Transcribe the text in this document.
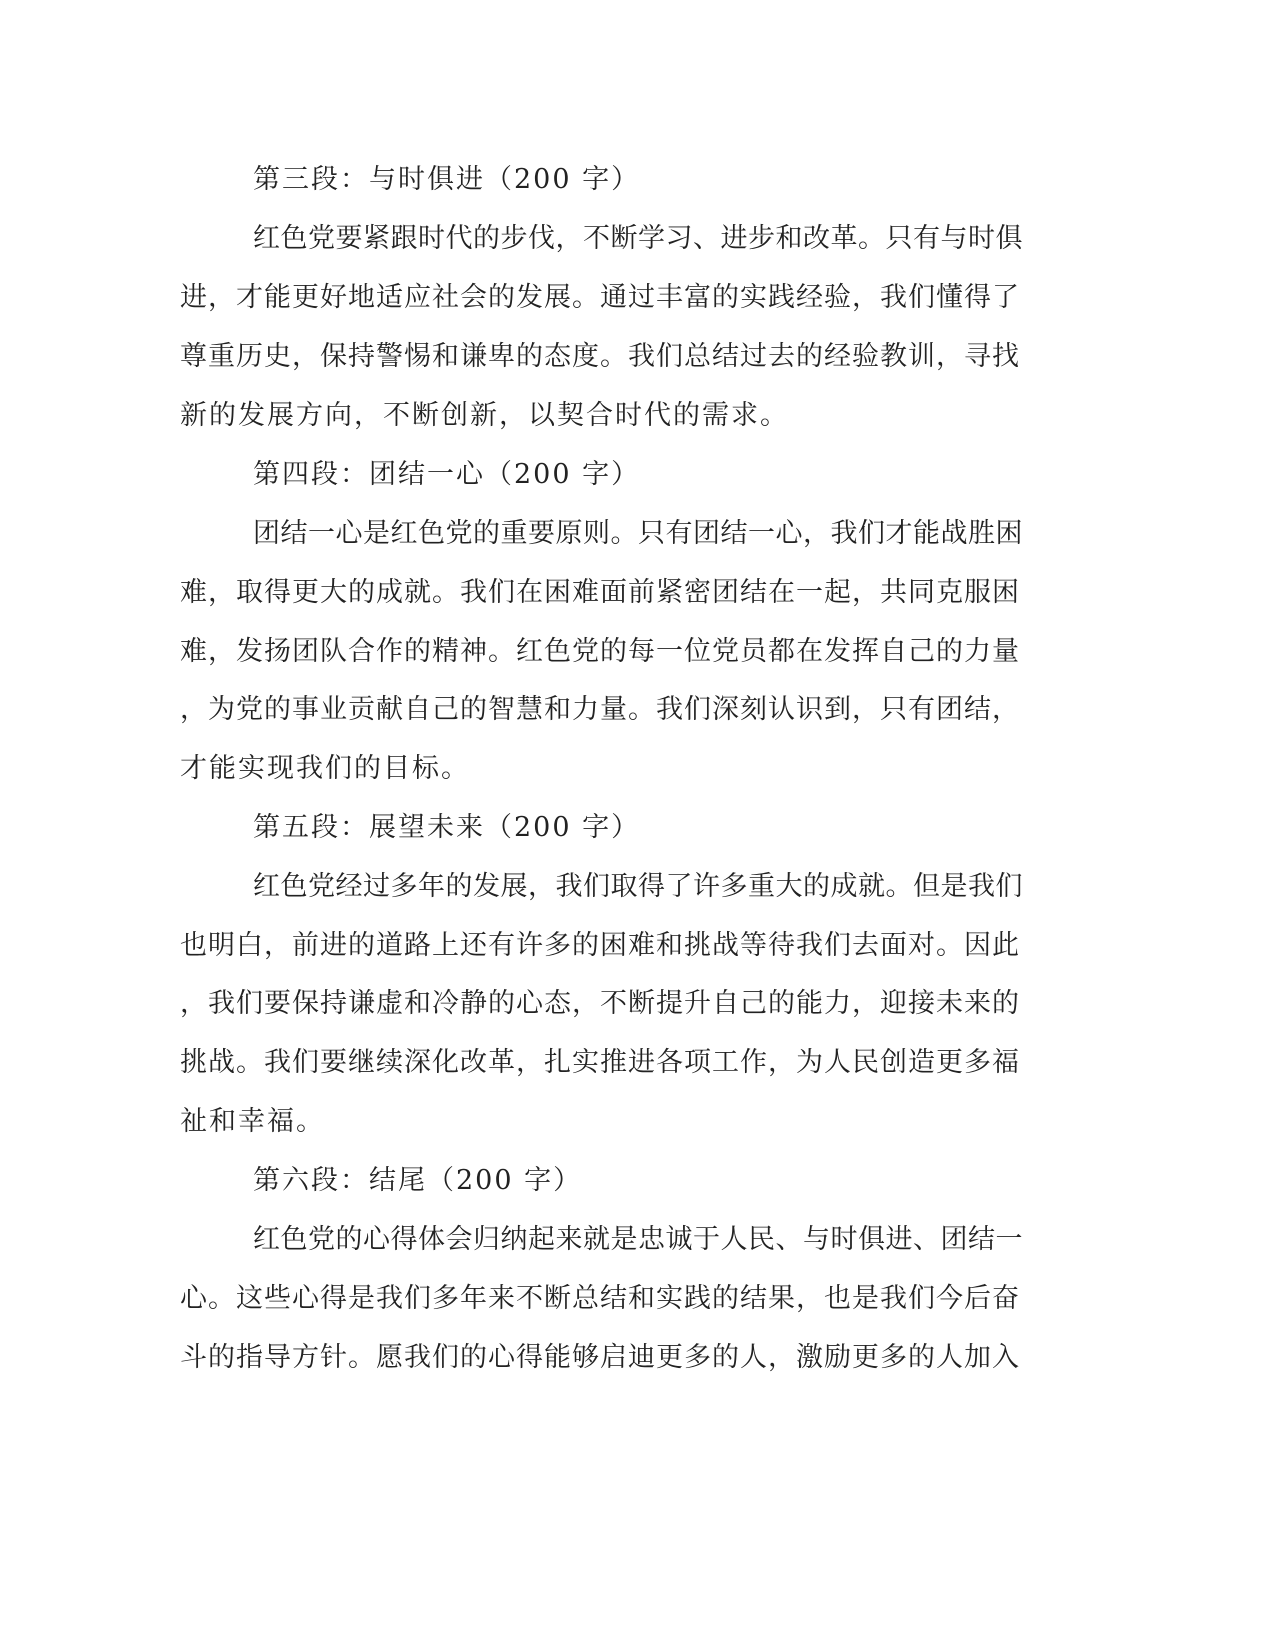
第三段：与时俱进（200 字）
红色党要紧跟时代的步伐，不断学习、进步和改革。只有与时俱
进，才能更好地适应社会的发展。通过丰富的实践经验，我们懂得了
尊重历史，保持警惕和谦卑的态度。我们总结过去的经验教训，寻找
新的发展方向，不断创新，以契合时代的需求。
第四段：团结一心（200 字）
团结一心是红色党的重要原则。只有团结一心，我们才能战胜困
难，取得更大的成就。我们在困难面前紧密团结在一起，共同克服困
难，发扬团队合作的精神。红色党的每一位党员都在发挥自己的力量
，为党的事业贡献自己的智慧和力量。我们深刻认识到，只有团结，
才能实现我们的目标。
第五段：展望未来（200 字）
红色党经过多年的发展，我们取得了许多重大的成就。但是我们
也明白，前进的道路上还有许多的困难和挑战等待我们去面对。因此
，我们要保持谦虚和冷静的心态，不断提升自己的能力，迎接未来的
挑战。我们要继续深化改革，扎实推进各项工作，为人民创造更多福
祉和幸福。
第六段：结尾（200 字）
红色党的心得体会归纳起来就是忠诚于人民、与时俱进、团结一
心。这些心得是我们多年来不断总结和实践的结果，也是我们今后奋
斗的指导方针。愿我们的心得能够启迪更多的人，激励更多的人加入
